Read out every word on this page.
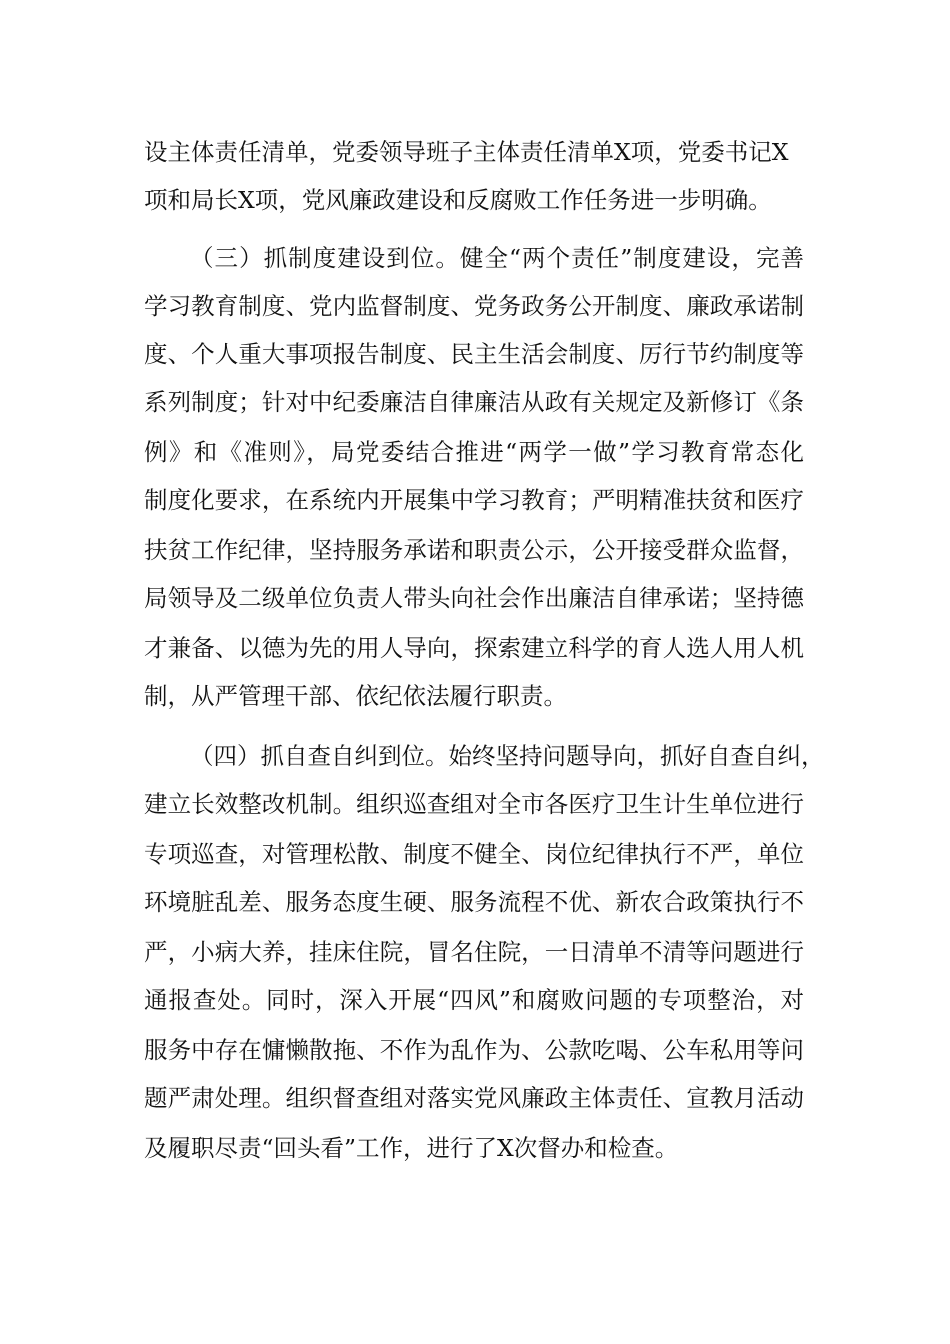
设主体责任清单，党委领导班子主体责任清单X项，党委书记X
项和局长X项，党风廉政建设和反腐败工作任务进一步明确。
（三）抓制度建设到位。健全“两个责任”制度建设，完善
学习教育制度、党内监督制度、党务政务公开制度、廉政承诺制
度、个人重大事项报告制度、民主生活会制度、厉行节约制度等
系列制度；针对中纪委廉洁自律廉洁从政有关规定及新修订《条
例》和《准则》，局党委结合推进“两学一做”学习教育常态化
制度化要求，在系统内开展集中学习教育；严明精准扶贫和医疗
扶贫工作纪律，坚持服务承诺和职责公示，公开接受群众监督，
局领导及二级单位负责人带头向社会作出廉洁自律承诺；坚持德
才兼备、以德为先的用人导向，探索建立科学的育人选人用人机
制，从严管理干部、依纪依法履行职责。
（四）抓自查自纠到位。始终坚持问题导向，抓好自查自纠，
建立长效整改机制。组织巡查组对全市各医疗卫生计生单位进行
专项巡查，对管理松散、制度不健全、岗位纪律执行不严，单位
环境脏乱差、服务态度生硬、服务流程不优、新农合政策执行不
严，小病大养，挂床住院，冒名住院，一日清单不清等问题进行
通报查处。同时，深入开展“四风”和腐败问题的专项整治，对
服务中存在慵懒散拖、不作为乱作为、公款吃喝、公车私用等问
题严肃处理。组织督查组对落实党风廉政主体责任、宣教月活动
及履职尽责“回头看”工作，进行了X次督办和检查。
